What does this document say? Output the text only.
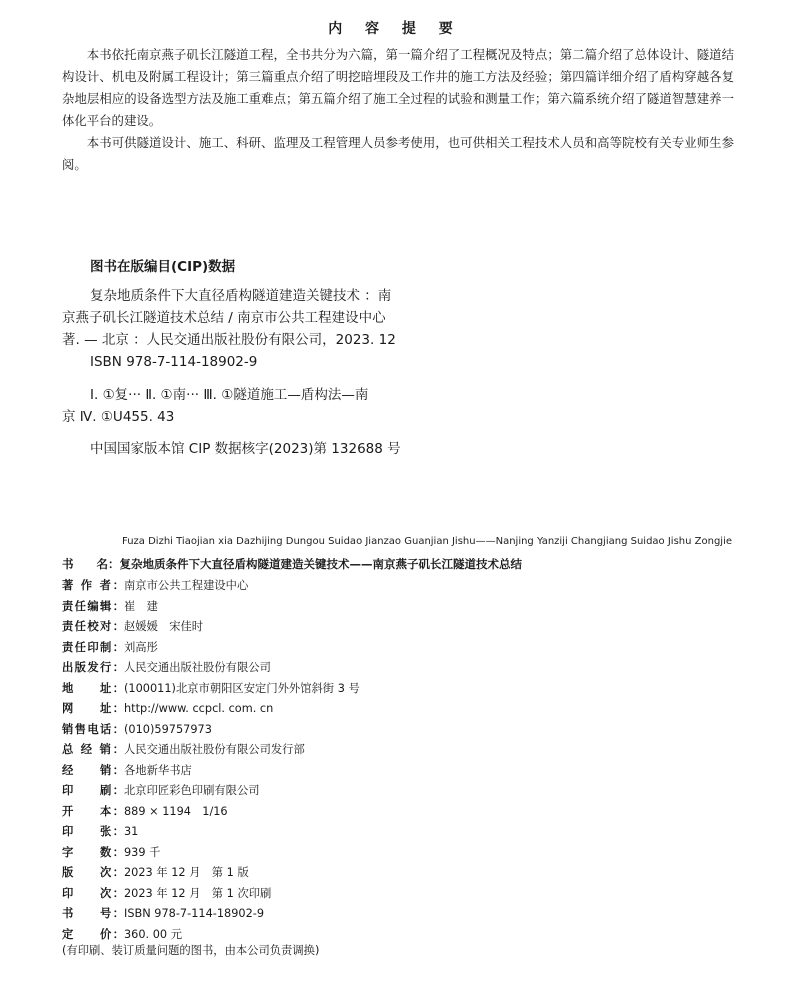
内 容 提 要

本书依托南京燕子矶长江隧道工程，全书共分为六篇，第一篇介绍了工程概况及特点；第二篇介绍了总体设计、隧道结构设计、机电及附属工程设计；第三篇重点介绍了明挖暗埋段及工作井的施工方法及经验；第四篇详细介绍了盾构穿越各复杂地层相应的设备选型方法及施工重难点；第五篇介绍了施工全过程的试验和测量工作；第六篇系统介绍了隧道智慧建养一体化平台的建设。

本书可供隧道设计、施工、科研、监理及工程管理人员参考使用，也可供相关工程技术人员和高等院校有关专业师生参阅。

图书在版编目(CIP)数据
复杂地质条件下大直径盾构隧道建造关键技术 ：南
京燕子矶长江隧道技术总结 / 南京市公共工程建设中心
著. — 北京 ：人民交通出版社股份有限公司，2023. 12
ISBN 978-7-114-18902-9
Ⅰ. ①复··· Ⅱ. ①南··· Ⅲ. ①隧道施工—盾构法—南
京 Ⅳ. ①U455. 43
中国国家版本馆 CIP 数据核字(2023)第 132688 号
Fuza Dizhi Tiaojian xia Dazhijing Dungou Suidao Jianzao Guanjian Jishu——Nanjing Yanziji Changjiang Suidao Jishu Zongjie
书　　名：复杂地质条件下大直径盾构隧道建造关键技术——南京燕子矶长江隧道技术总结
著 作 者： 南京市公共工程建设中心
责任编辑： 崔　建
责任校对： 赵媛媛　宋佳时
责任印制： 刘高彤
出版发行： 人民交通出版社股份有限公司
地　　址： (100011)北京市朝阳区安定门外外馆斜街 3 号
网　　址： http://www. ccpcl. com. cn
销售电话： (010)59757973
总 经 销： 人民交通出版社股份有限公司发行部
经　　销： 各地新华书店
印　　刷： 北京印匠彩色印刷有限公司
开　　本： 889 × 1194　1/16
印　　张： 31
字　　数： 939 千
版　　次： 2023 年 12 月　第 1 版
印　　次： 2023 年 12 月　第 1 次印刷
书　　号： ISBN 978-7-114-18902-9
定　　价： 360. 00 元
(有印刷、装订质量问题的图书，由本公司负责调换)
